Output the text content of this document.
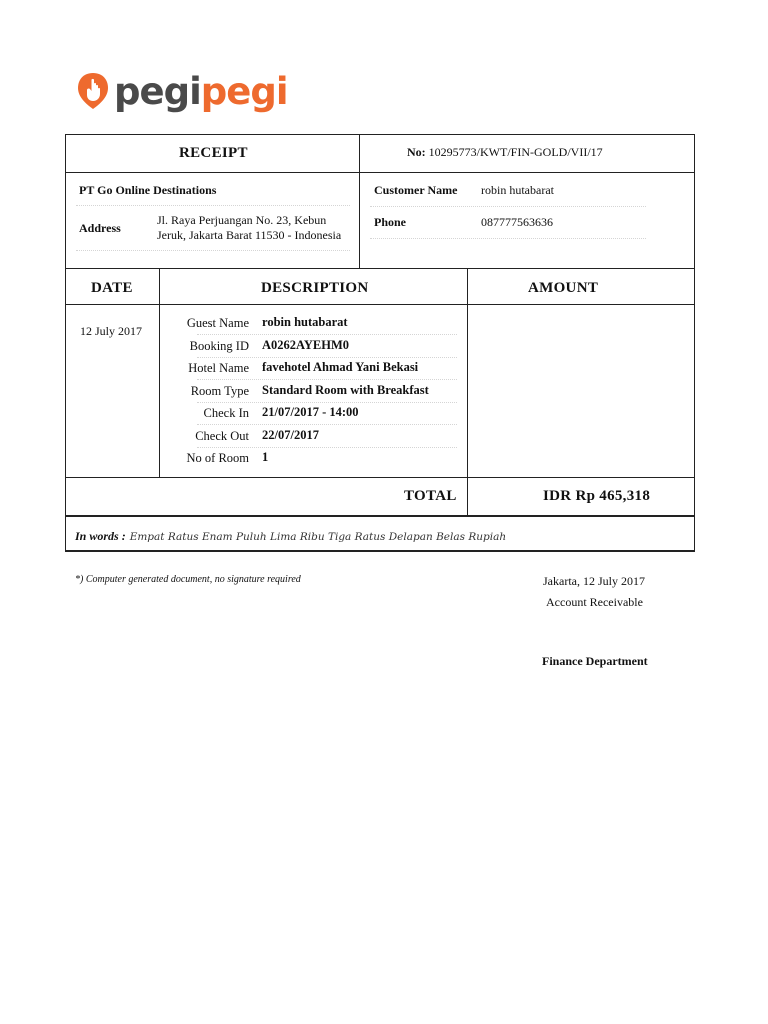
pegi pegi
RECEIPT	No: 10295773/KWT/FIN-GOLD/VII/17
PT Go Online Destinations
Address
Jl. Raya Perjuangan No. 23, Kebun
Jeruk, Jakarta Barat 11530 - Indonesia
Customer Name robin hutabarat
Phone	087777563636
DATE	DESCRIPTION	AMOUNT
12 July 2017
Guest Name robin hutabarat
Booking ID A0262AYEHM0
Hotel Name favehotel Ahmad Yani Bekasi
Room Type Standard Room with Breakfast
Check In 21/07/2017 - 14:00
Check Out 22/07/2017
No of Room 1
TOTAL	IDR Rp 465,318
In words : Empat Ratus Enam Puluh Lima Ribu Tiga Ratus Delapan Belas Rupiah
*) Computer generated document, no signature required	Jakarta, 12 July 2017
Account Receivable
Finance Department
